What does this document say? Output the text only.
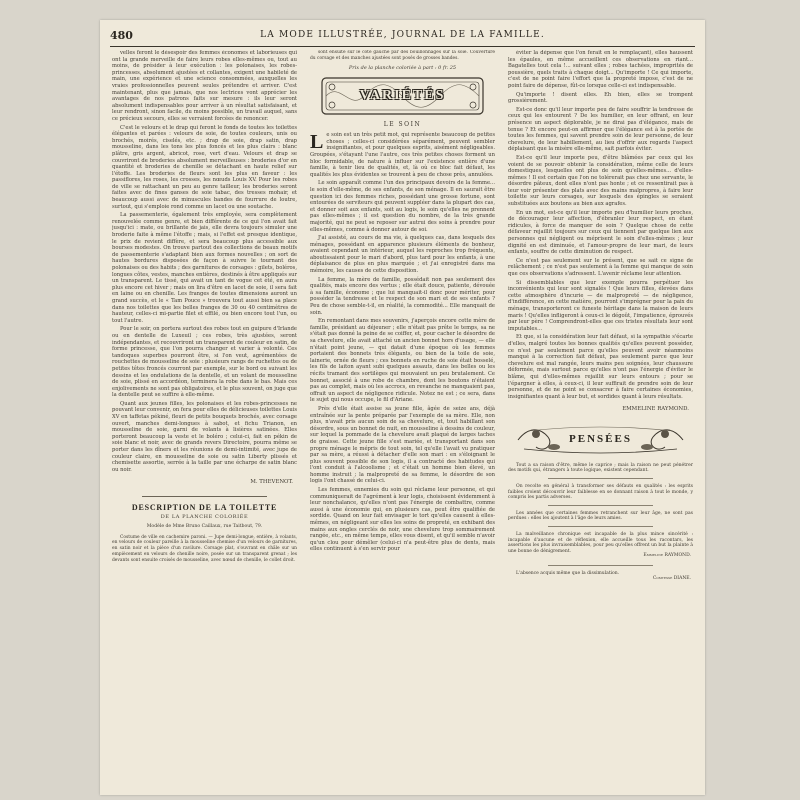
480	LA MODE ILLUSTRÉE, JOURNAL DE LA FAMILLE.

velles feront le désespoir des femmes économes et laborieuses qui ont la grande merveille de faire leurs robes elles-mêmes ou, tout au moins, de présider à leur exécution : les polonaises, les robes-princesses, absolument ajustées et collantes, exigent une habileté de main, une expérience et une science consommées, auxquelles les vraies professionnelles peuvent seules prétendre et arriver. C'est maintenant, plus que jamais, que nos lectrices vont apprécier les avantages de nos patrons faits sur mesure : ils leur seront absolument indispensables pour arriver à un résultat satisfaisant, et leur rendront, sinon facile, du moins possible, un travail auquel, sans ce précieux secours, elles se verraient forcées de renoncer.

C'est le velours et le drap qui feront le fonds de toutes les toilettes élégantes et parées : velours de soie, de toutes couleurs, unis ou brochés, moirés, ciselés, etc. ; drap de soie, drap satin, drap mousseline, dans les tons les plus foncés et les plus clairs : blanc plâtre, gris argent, abricot, rose, vert d'eau. Velours et drap se couvriront de broderies absolument merveilleuses : broderies d'or en quantité et broderies de chenille se détachant en haute relief sur l'étoffe. Les broderies de fleurs sont les plus en faveur : les passiflores, les roses, les crosses, les nœuds Louis XV. Pour les robes de ville se rattachant un peu au genre tailleur, les broderies seront faites avec de fines ganses de soie tabac, des tresses mohair, et beaucoup aussi avec de minuscules bandes de fourrure de loutre, surtout, qui s'emploie rond comme un lacet ou une soutache.

La passementerie, également très employée, sera complètement renouvelée comme genre, et bien différente de ce qui l'on avait fait jusqu'ici : mate, ou brillante de jais, elle devra toujours simuler une broderie faite à même l'étoffe ; mais, si l'effet est presque identique, le prix de revient diffère, et sera beaucoup plus accessible aux bourses modestes. On trouve partout des collections de beaux motifs de passementerie s'adaptant bien aux formes nouvelles ; on sort de hautes bordures disposées de façon à suivre le tournant des polonaises ou des habits ; des garnitures de corsages : gilets, boléros, longues côtes, vestes, manches entières, destinés à être appliqués sur un transparent. Le tissé, qui avait un tant de vogue cet été, en aura plus encore cet hiver ; mais on lira d'être en lacet de soie, il sera fait en laine ou en chenille. Les franges de toutes dimensions auront un grand succès, et le « Tam Pouce » trouvera tout aussi bien sa place dans nos toilettes que les belles franges de 30 ou 40 centimètres de hauteur, celles-ci mi-partie filet et effilé, ou bien encore tout l'un, ou tout l'autre.

Pour le soir, on portera surtout des robes tout en guipure d'Irlande ou en dentelle de Luxeuil ; ces robes, très ajustées, seront indépendantes, et recouvriront un transparent de couleur en satin, de forme princesse, que l'on pourra changer et varier à volonté. Ces tandoques superbes pourront être, si l'on veut, agrémentées de rouchettes de mousseline de soie : plusieurs rangs de ruchettes ou de petites têtes froncés courront par exemple, sur le bord ou suivant les dessins et les ondulations de la dentelle, et un volant de mousseline de soie, plissé en accordéon, terminera la robe dans le bas. Mais ces enjolivements ne sont pas obligatoires, et le plus souvent, on juge que la dentelle peut se suffire à elle-même.

Quant aux jeunes filles, les polonaises et les robes-princesses ne pouvant leur convenir, on fera pour elles de délicieuses toilettes Louis XV en taffetas pékiné, fleuri de petits bouquets brochés, avec corsage ouvert, manches demi-longues à sabot, et fichu Trianon, en mousseline de soie, garni de volants à lisières satinées. Elles porteront beaucoup la veste et le boléro ; celui-ci, fait en pékin de soie blanc et noir, avec de grands revers Directoire, pourra même se porter dans les dîners et les réunions de demi-intimité, avec jupe de couleur claire, en mousseline de soie ou satin Liberty plissés et chemisette assortie, serrée à la taille par une écharpe de satin blanc ou noir.

M. THEVENOT.
DESCRIPTION DE LA TOILETTE
DE LA PLANCHE COLORIÉE
Modèle de Mme Bruno Caillaux, rue Taitbout, 79.

Costume de ville en cachemire paroni. — Jupe demi-longue, entière, à volants, en velours de couleur pareille à la mousseline chemise d'un velours de garnitures, en satin noir et la pièce d'un ravilure. Corsage plat, s'ouvrant en châle sur un empiècement en velours de chenille noire, posée sur un transparent grenat ; les devants sont ensuite croisés de mousseline, avec nœud de chenille, le collet droit.

sont ensuite sur le côté gauche par des bouillonnages sur la soie. Couverture du corsage et des manches ajustées sont posés de grosses bandes.

Prix de la planche coloriée à part : 0 fr. 25
VARIÉTÉS
LE SOIN
L e soin est un très petit mot, qui représente beaucoup de petites choses ; celles-ci considérées séparément, peuvent sembler insignifiantes, et pour quelques esprits, aisément négligeables. Groupées, s'étayant l'une l'autre, ces très petites choses forment un bloc formidable, de nature à influer sur l'existence entière d'une famille, à tenir lieu de qualités, et, là où ce bloc fait défaut, les qualités les plus évidentes se trouvent à peu de chose près, annulées.

Le soin apparaît comme l'un des principaux devoirs de la femme... le soin d'elle-même, de ses enfants, de son ménage. Il en saurait être question ici des femmes riches, possédant une grosse fortune, sont entourées de serviteurs qui peuvent suppléer dans la plupart des cas, et donner soit aux enfants, soit au logis, le soin qu'elles ne prennent pas elles-mêmes ; il est question du nombre, de la très grande majorité, qui ne peut se reposer sur autrui des soins à prendre pour elles-mêmes, comme à donner autour de soi.

J'ai assisté, au cours de ma vie, à quelques cas, dans lesquels des ménages, possédant en apparence plusieurs éléments de bonheur, avaient cependant un intérieur, auquel les reproches trop fréquents, aboutissaient pour le mari d'abord, plus tard pour les enfants, à une déplaisance de plus en plus marquée ; et j'ai enregistré dans ma mémoire, les causes de cette disposition.

La femme, la mère de famille, possédait non pas seulement des qualités, mais encore des vertus ; elle était douce, patiente, dévouée à sa famille, économe ; que lui manquait-il donc pour mériter, pour posséder la tendresse et le respect de son mari et de ses enfants ? Peu de chose semble-t-il, en réalité, la commodité... Elle manquait de soin.

En remontant dans mes souvenirs, j'aperçois encore cette mère de famille, présidant au déjeuner ; elle n'était pas prête le temps, sa ne s'était pas donné la peine de se coiffer, et, pour cacher le désordre de sa chevelure, elle avait attaché un ancien bonnet hors d'usage, — elle n'était point jeune, — qui datait d'une époque où les femmes portaient des bonnets très élégants, ou bien de la toile de soie, lainerie, ornée de fleurs ; ces bonnets en ruche de soie était bosselé, les fils de laiton ayant subi quelques assauts, dans les belles ou les récits tramant des sortilèges qui mouvaient un peu brutalement. Ce bonnet, associé à une robe de chambre, dont les boutons n'étaient pas au complet, mais où les accrocs, en revanche ne manquaient pas, offrait un aspect de négligence ridicule. Notez ne est ; ce sera, dans le sujet qui nous occupe, le fil d'Ariane.

Près d'elle était assise sa jeune fille, âgée de seize ans, déjà entraînée sur la pente préparée par l'exemple de sa mère. Elle, non plus, n'avait pris aucun soin de sa chevelure, et, tout habillant son désordre, sous un bonnet de nuit, en mousseline à dessins de couleur, sur lequel la pommade de la chevelure avait plaqué de larges taches de graisse. Cette jeune fille s'est mariée, et transportant dans son propre ménage le mépris de tout soin, tel qu'elle l'avait vu pratiquer par sa mère, a réussi à détacher d'elle son mari : en s'éloignant le plus souvent possible de son logis, il a contracté des habitudes qui l'ont conduit à l'alcoolisme ; et c'était un homme bien élevé, un homme instruit ; la malpropreté de sa femme, le désordre de son logis l'ont chassé de celui-ci.

Les femmes, ennemies du soin qui réclame leur personne, et qui communiquerait de l'agrément à leur logis, choisissent évidemment à leur nonchalance, qu'elles n'ont pas l'énergie de combattre, comme aussi à une économie qui, en plusieurs cas, peut être qualifiée de sordide. Quand on leur fait envisager le tort qu'elles causent à elles-mêmes, en négligeant sur elles les soins de propreté, en exhibant des mains aux ongles cerclés de noir, une chevelure trop sommairement rangée, etc., en même temps, elles vous disent, et qu'il semble n'avoir qu'un clou pour démêler (celui-ci n'a peut-être plus de dents, mais elles continuent à s'en servir pour

éviter la dépense que l'on ferait en le remplaçant), elles haussent les épaules, en même accueillent ces observations en riant... Bagatelles tout cela !... suivant elles ; robes tachées, improprités de poussière, quels traits à chaque doigt... Qu'importe ! Ce qui importe, c'est de ne point faire l'effort que la propreté impose, c'est de ne point faire de dépense, fût-ce lorsque celle-ci est indispensable.

Qu'importe ! disent elles. Eh bien, elles se trompent grossièrement.

Est-ce donc qu'il leur importe peu de faire souffrir la tendresse de ceux qui les entourent ? De les humilier, en leur offrant, en leur présence un aspect déplorable, je ne dirai pas d'élégance, mais de tenue ? Et encore peut-on affirmer que l'élégance est à la portée de toutes les femmes, qui savent prendre soin de leur personne, de leur chevelure, de leur habillement, au lieu d'offrir aux regards l'aspect déplaisant que la misère elle-même, sait parfois éviter.

Est-ce qu'il leur importe peu, d'être blâmées par ceux qui les voient de se pouvoir obtenir la considération, même celle de leurs domestiques, lesquelles ont plus de soin qu'elles-mêmes... d'elles-mêmes ! Il est certain que l'on ne tolérerait pas chez une servante, le désordre pâteux, dont elles n'ont pas honte ; et ce ressentirait pas à leur voir présenter des plats avec des mains malpropres, à faire leur toilette sur leurs corsages, sur lesquels des épingles se seraient substituées aux boutons au bien aux agrafes.

En un mot, est-ce qu'il leur importe peu d'humilier leurs proches, de décourager leur affection, d'ébranler leur respect, en étant ridicules, à force de manquer de soin ? Quelque chose de cette défaveur rejaillit toujours sur ceux qui tiennent par quelque lien aux personnes qui négligent ou méprisent le soin d'elles-mêmes ; leur dignité en est diminuée, et l'amour-propre de leur mari, de leurs enfants, souffre de cette diminution de respect.

Ce n'est pas seulement sur le présent, que se sait ce signe de relâchement ; ce n'est pas seulement à la femme qui manque de soin que ces observations s'adressent. L'avenir réclame leur attention.

Si dissemblables que leur exemple pourra perpétuer les inconvénients qui leur sont signalés ! Que leurs filles, élevées dans cette atmosphère d'incurie — de malpropreté — de négligence, d'indifférence, en cette matière, pourront s'imprégner pour la paix du ménage, transporteront ce funeste héritage dans la maison de leurs maris ! Qu'elles infligeront à ceux-ci le dégoût, l'impatience, éprouvés par leur père ! Comprendront-elles que ces tristes résultats leur sont imputables...

Et que, si la considération leur fait défaut, si la sympathie s'écarte d'elles, malgré toutes les bonnes qualités qu'elles peuvent posséder, ce n'est par seulement parce qu'elles peuvent avoir néanmoins manqué à la correction fait défaut, pas seulement parce que leur chevelure est mal rangée, leurs mains peu soignées, leur chaussure déformée, mais surtout parce qu'elles n'ont pas l'énergie d'éviter le blâme, qui d'elles-mêmes rejaillit sur leurs entours ; pour se l'épargner à elles, à ceux-ci, il leur suffirait de prendre soin de leur personne, et de ne point se consacrer à faire certaines économies, insignifiantes quant à leur but, et sordides quant à leurs résultats.

EMMELINE RAYMOND.
PENSÉES

Tout a sa raison d'être, même le caprice ; mais la raison ne peut pénétrer des motifs qui, étrangers à toute logique, existent cependant.

On recolte en général à transformer ses défauts en qualités : les esprits faibles croient découvrir leur faiblesse en se donnant raison à tout le monde, y compris les partis adverses.

Les années que certaines femmes retranchent sur leur âge, ne sont pas perdues : elles les ajoutent à l'âge de leurs amies.

La malveillance chronique est incapable de la plus mince sincérité : incapable d'aucune et de réflexion, elle accueille tous les racontars, les assertions les plus invraisemblables, pour peu qu'elles offrent un but la plainte à une bonne de dénigrement.

Emmeline RAYMOND.

L'absence acquis même que la dissimulation.

Comtesse DIANE.
